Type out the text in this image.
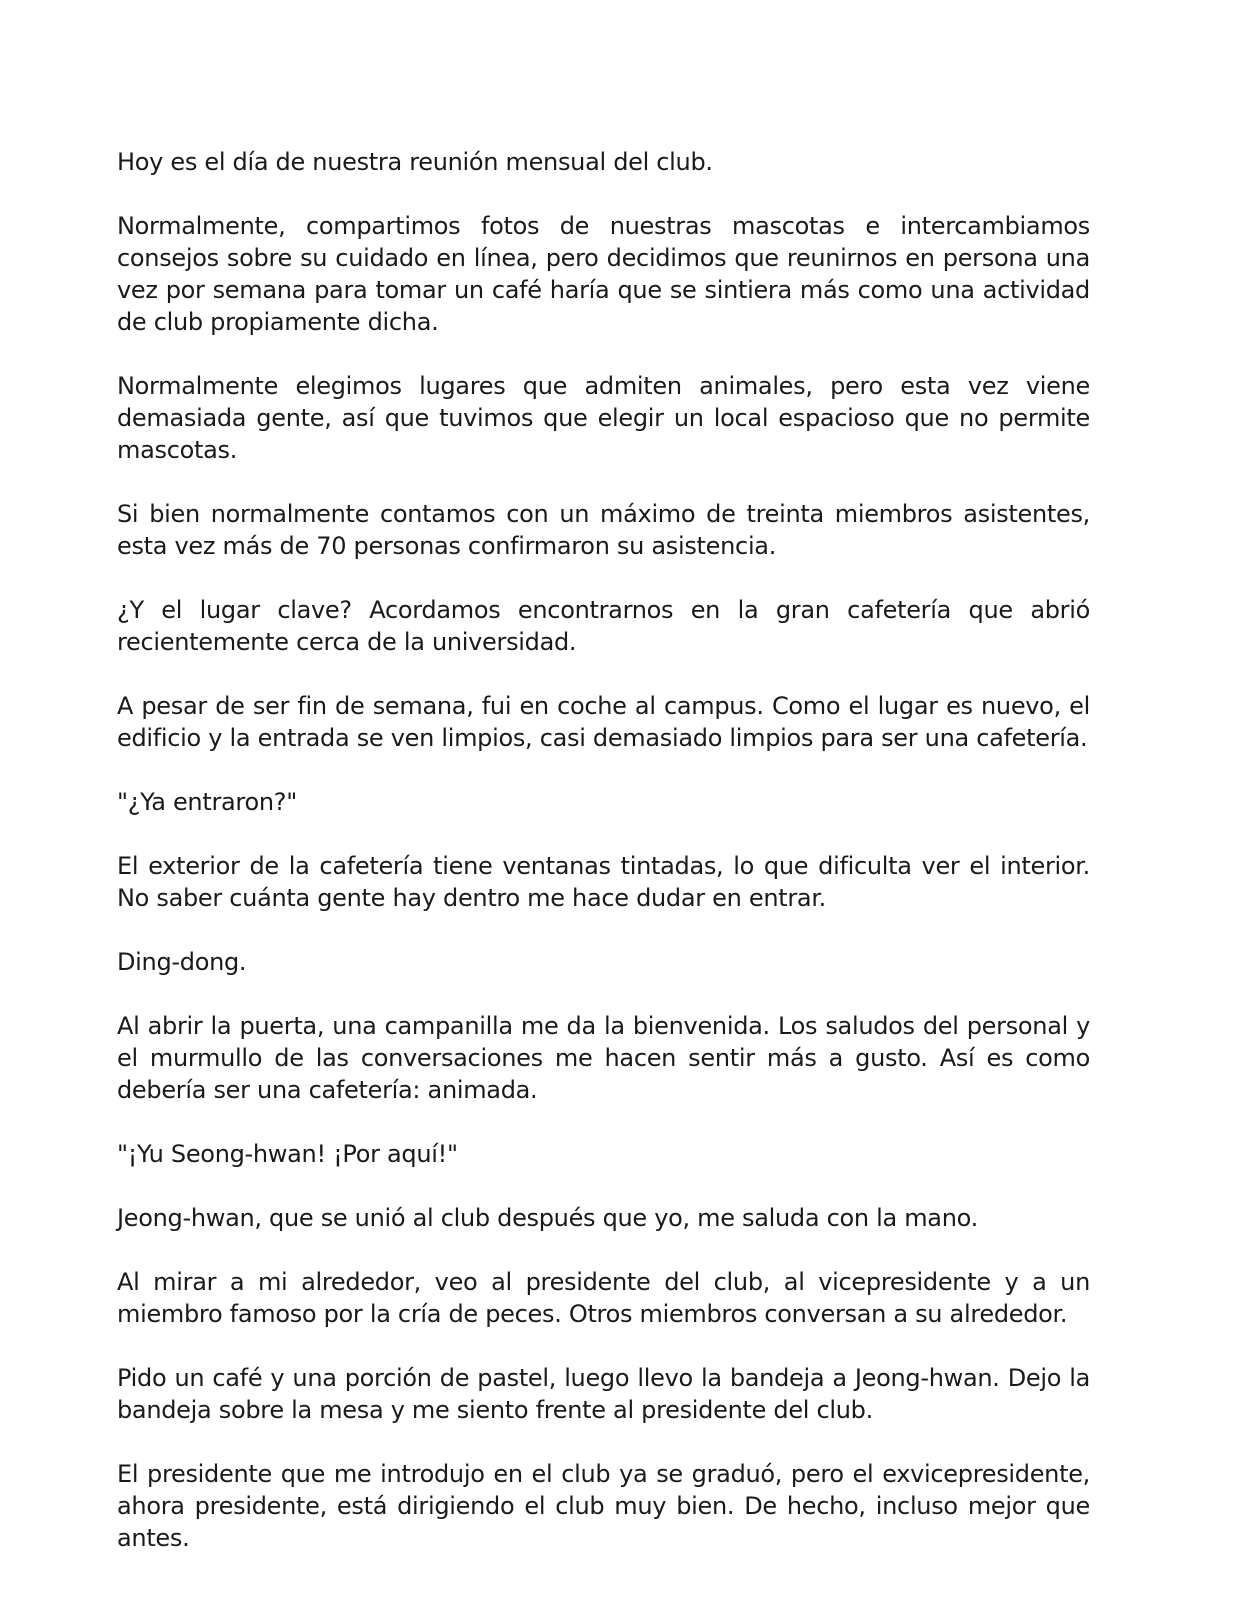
Hoy es el día de nuestra reunión mensual del club.

Normalmente, compartimos fotos de nuestras mascotas e intercambiamos consejos sobre su cuidado en línea, pero decidimos que reunirnos en persona una vez por semana para tomar un café haría que se sintiera más como una actividad de club propiamente dicha.

Normalmente elegimos lugares que admiten animales, pero esta vez viene demasiada gente, así que tuvimos que elegir un local espacioso que no permite mascotas.

Si bien normalmente contamos con un máximo de treinta miembros asistentes, esta vez más de 70 personas confirmaron su asistencia.

¿Y el lugar clave? Acordamos encontrarnos en la gran cafetería que abrió recientemente cerca de la universidad.

A pesar de ser fin de semana, fui en coche al campus. Como el lugar es nuevo, el edificio y la entrada se ven limpios, casi demasiado limpios para ser una cafetería.

"¿Ya entraron?"

El exterior de la cafetería tiene ventanas tintadas, lo que dificulta ver el interior. No saber cuánta gente hay dentro me hace dudar en entrar.

Ding-dong.

Al abrir la puerta, una campanilla me da la bienvenida. Los saludos del personal y el murmullo de las conversaciones me hacen sentir más a gusto. Así es como debería ser una cafetería: animada.

"¡Yu Seong-hwan! ¡Por aquí!"

Jeong-hwan, que se unió al club después que yo, me saluda con la mano.

Al mirar a mi alrededor, veo al presidente del club, al vicepresidente y a un miembro famoso por la cría de peces. Otros miembros conversan a su alrededor.

Pido un café y una porción de pastel, luego llevo la bandeja a Jeong-hwan. Dejo la bandeja sobre la mesa y me siento frente al presidente del club.

El presidente que me introdujo en el club ya se graduó, pero el exvicepresidente, ahora presidente, está dirigiendo el club muy bien. De hecho, incluso mejor que antes.
